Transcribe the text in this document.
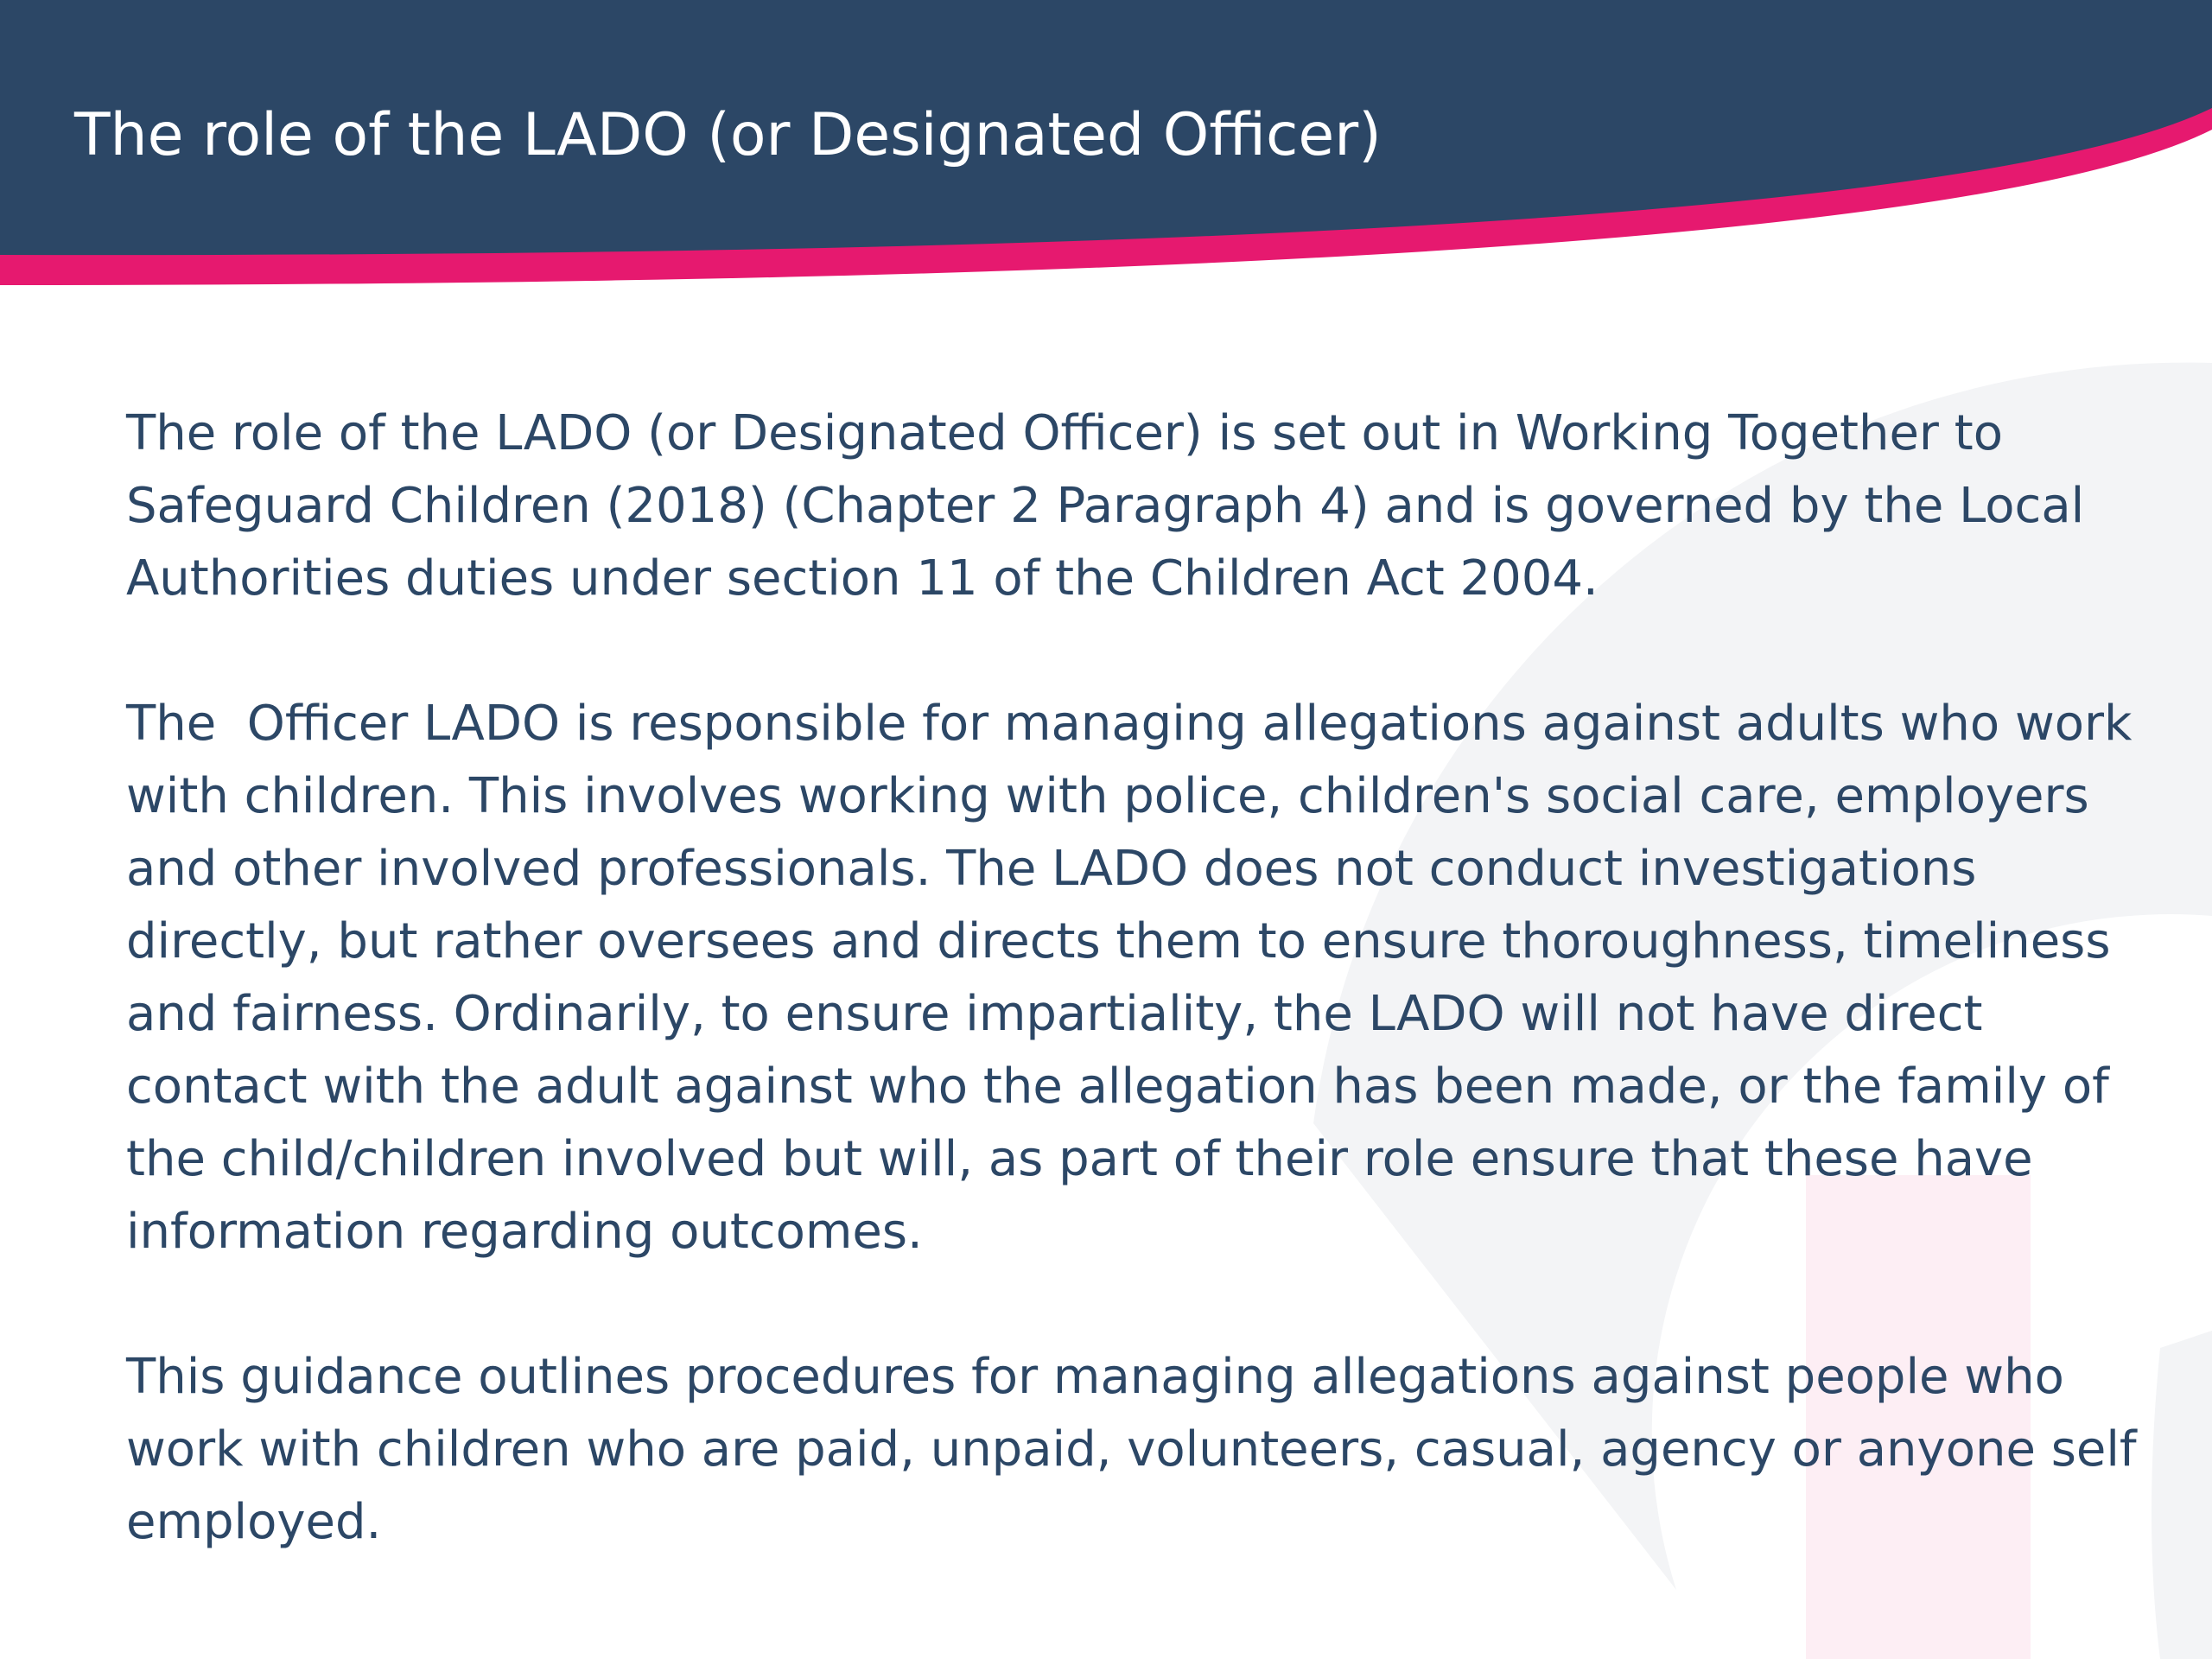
The role of the LADO (or Designated Officer)

The role of the LADO (or Designated Officer) is set out in Working Together to Safeguard Children (2018) (Chapter 2 Paragraph 4) and is governed by the Local Authorities duties under section 11 of the Children Act 2004.

The  Officer LADO is responsible for managing allegations against adults who work with children. This involves working with police, children's social care, employers and other involved professionals. The LADO does not conduct investigations directly, but rather oversees and directs them to ensure thoroughness, timeliness and fairness. Ordinarily, to ensure impartiality, the LADO will not have direct contact with the adult against who the allegation has been made, or the family of the child/children involved but will, as part of their role ensure that these have information regarding outcomes.

This guidance outlines procedures for managing allegations against people who work with children who are paid, unpaid, volunteers, casual, agency or anyone self employed.
